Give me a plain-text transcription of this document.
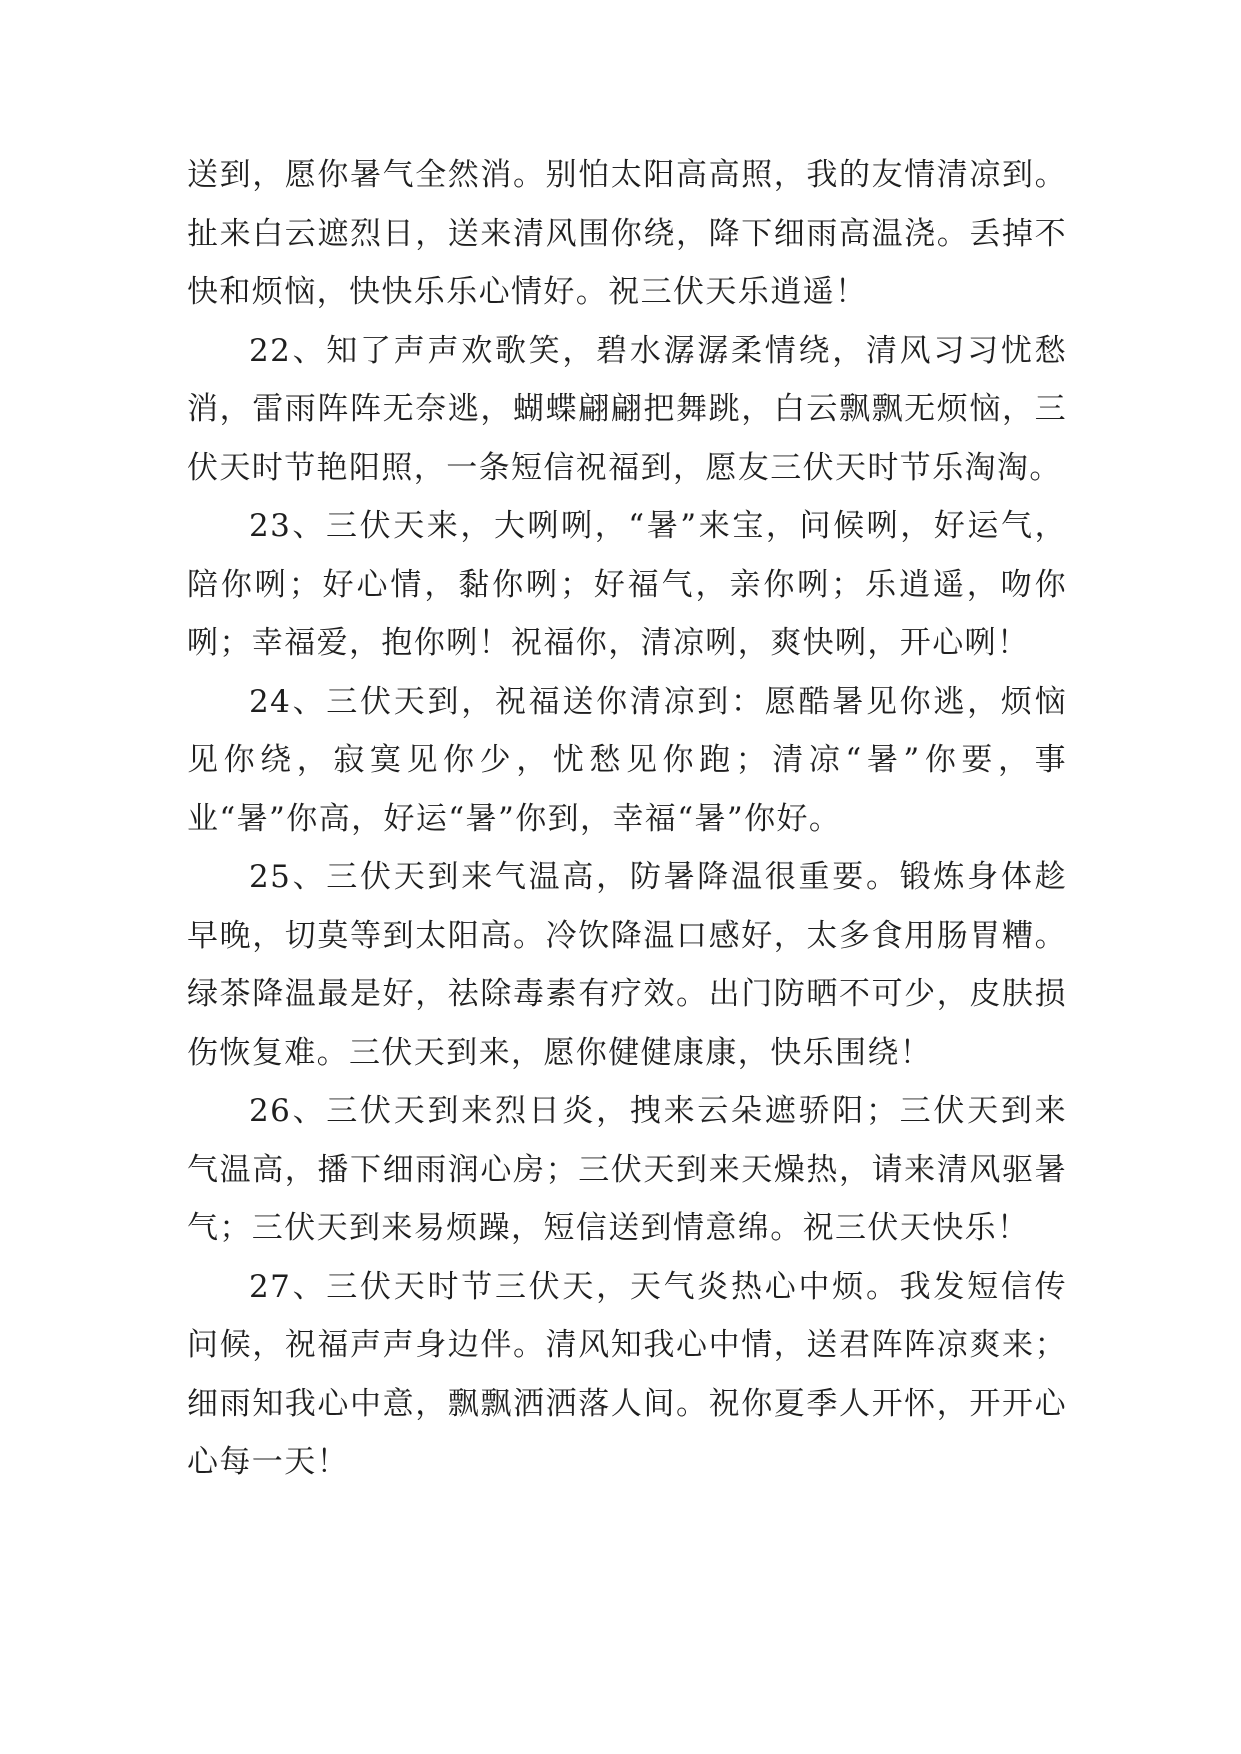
送到，愿你暑气全然消。别怕太阳高高照，我的友情清凉到。扯来白云遮烈日，送来清风围你绕，降下细雨高温浇。丢掉不快和烦恼，快快乐乐心情好。祝三伏天乐逍遥！

22、知了声声欢歌笑，碧水潺潺柔情绕，清风习习忧愁消，雷雨阵阵无奈逃，蝴蝶翩翩把舞跳，白云飘飘无烦恼，三伏天时节艳阳照，一条短信祝福到，愿友三伏天时节乐淘淘。

23、三伏天来，大咧咧，“暑”来宝，问候咧，好运气，陪你咧；好心情，黏你咧；好福气，亲你咧；乐逍遥，吻你咧；幸福爱，抱你咧！祝福你，清凉咧，爽快咧，开心咧！

24、三伏天到，祝福送你清凉到：愿酷暑见你逃，烦恼见你绕，寂寞见你少，忧愁见你跑；清凉“暑”你要，事业“暑”你高，好运“暑”你到，幸福“暑”你好。

25、三伏天到来气温高，防暑降温很重要。锻炼身体趁早晚，切莫等到太阳高。冷饮降温口感好，太多食用肠胃糟。绿茶降温最是好，祛除毒素有疗效。出门防晒不可少，皮肤损伤恢复难。三伏天到来，愿你健健康康，快乐围绕！

26、三伏天到来烈日炎，拽来云朵遮骄阳；三伏天到来气温高，播下细雨润心房；三伏天到来天燥热，请来清风驱暑气；三伏天到来易烦躁，短信送到情意绵。祝三伏天快乐！

27、三伏天时节三伏天，天气炎热心中烦。我发短信传问候，祝福声声身边伴。清风知我心中情，送君阵阵凉爽来；细雨知我心中意，飘飘洒洒落人间。祝你夏季人开怀，开开心心每一天！
